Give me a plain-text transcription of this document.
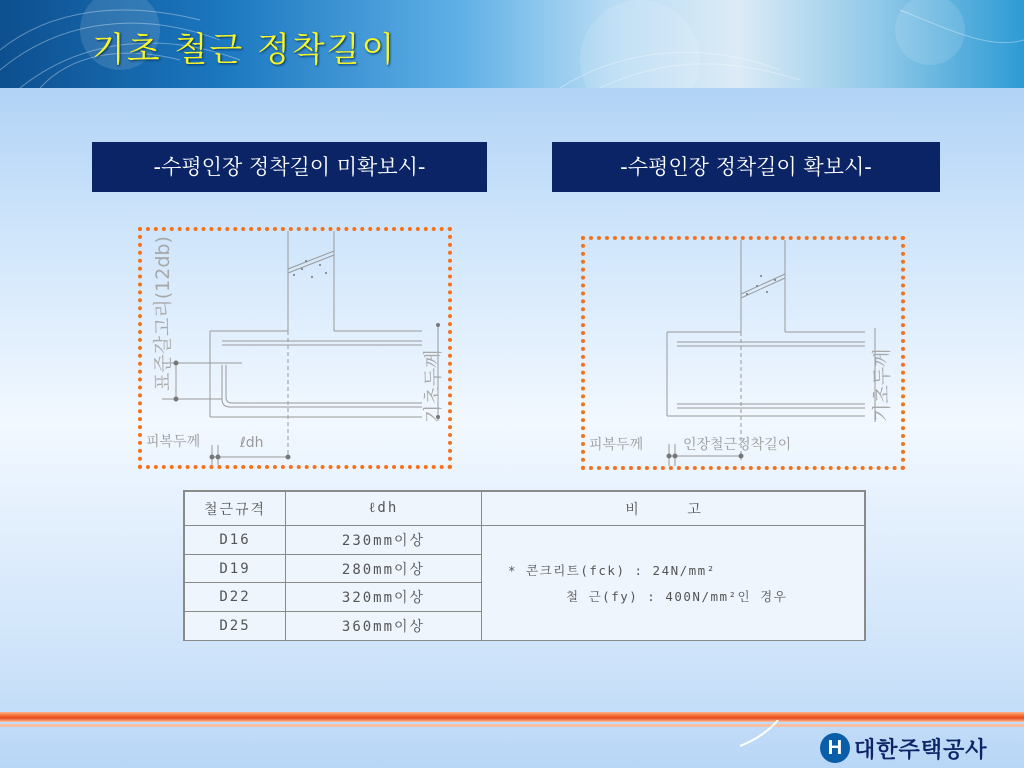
기초 철근 정착길이
-수평인장 정착길이 미확보시-	-수평인장 정착길이 확보시-
표준갈고리(12db)	기초두께
피복두께	ℓdh
기초두께
피복두께	인장철근정착길이
철근규격	ℓdh	비 고
D16	230mm이상	* 콘크리트(fck) : 24N/mm²
철 근(fy) : 400N/mm²인 경우

D19	280mm이상	
D22	320mm이상	
D25	360mm이상	
H 대한주택공사
